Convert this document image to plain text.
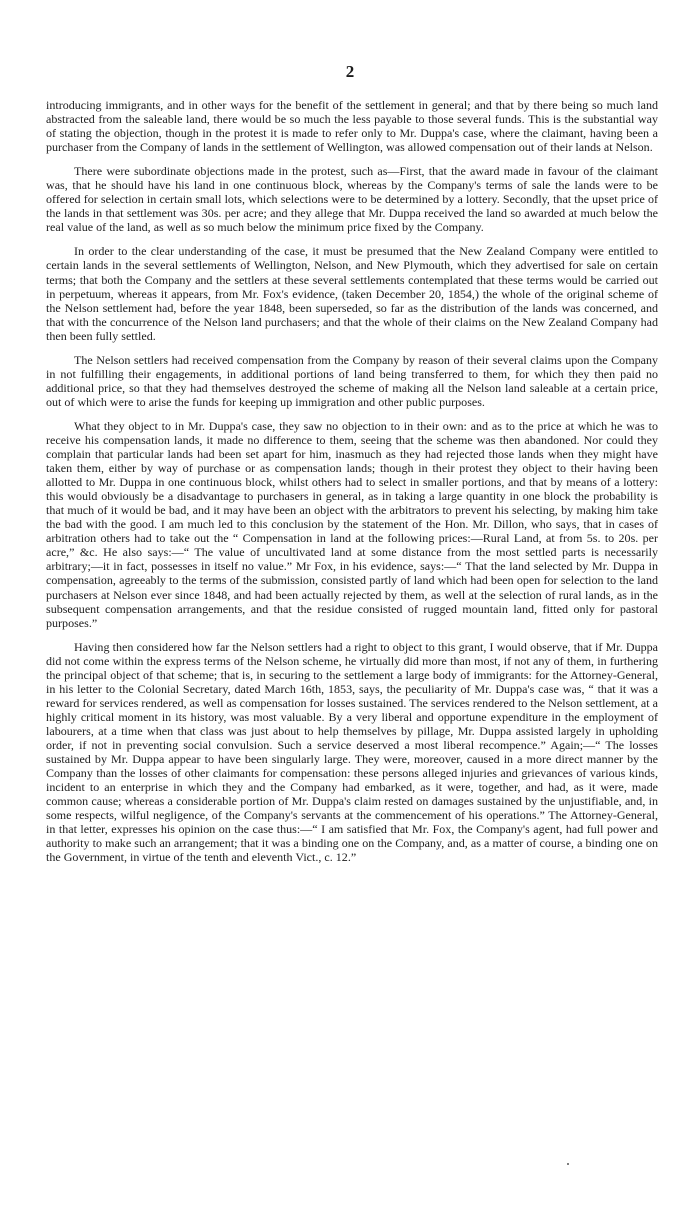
2

introducing immigrants, and in other ways for the benefit of the settlement in general; and that by there being so much land abstracted from the saleable land, there would be so much the less payable to those several funds. This is the substantial way of stating the objection, though in the protest it is made to refer only to Mr. Duppa's case, where the claimant, having been a purchaser from the Company of lands in the settlement of Wellington, was allowed compensation out of their lands at Nelson.

There were subordinate objections made in the protest, such as—First, that the award made in favour of the claimant was, that he should have his land in one continuous block, whereas by the Company's terms of sale the lands were to be offered for selection in certain small lots, which selections were to be determined by a lottery. Secondly, that the upset price of the lands in that settlement was 30s. per acre; and they allege that Mr. Duppa received the land so awarded at much below the real value of the land, as well as so much below the minimum price fixed by the Company.

In order to the clear understanding of the case, it must be presumed that the New Zealand Company were entitled to certain lands in the several settlements of Wellington, Nelson, and New Plymouth, which they advertised for sale on certain terms; that both the Company and the settlers at these several settlements contemplated that these terms would be carried out in perpetuum, whereas it appears, from Mr. Fox's evidence, (taken December 20, 1854,) the whole of the original scheme of the Nelson settlement had, before the year 1848, been superseded, so far as the distribution of the lands was concerned, and that with the concurrence of the Nelson land purchasers; and that the whole of their claims on the New Zealand Company had then been fully settled.

The Nelson settlers had received compensation from the Company by reason of their several claims upon the Company in not fulfilling their engagements, in additional portions of land being transferred to them, for which they then paid no additional price, so that they had themselves destroyed the scheme of making all the Nelson land saleable at a certain price, out of which were to arise the funds for keeping up immigration and other public purposes.

What they object to in Mr. Duppa's case, they saw no objection to in their own: and as to the price at which he was to receive his compensation lands, it made no difference to them, seeing that the scheme was then abandoned. Nor could they complain that particular lands had been set apart for him, inasmuch as they had rejected those lands when they might have taken them, either by way of purchase or as compensation lands; though in their protest they object to their having been allotted to Mr. Duppa in one continuous block, whilst others had to select in smaller portions, and that by means of a lottery: this would obviously be a disadvantage to purchasers in general, as in taking a large quantity in one block the probability is that much of it would be bad, and it may have been an object with the arbitrators to prevent his selecting, by making him take the bad with the good. I am much led to this conclusion by the statement of the Hon. Mr. Dillon, who says, that in cases of arbitration others had to take out the “ Compensation in land at the following prices:—Rural Land, at from 5s. to 20s. per acre,” &c. He also says:—“ The value of uncultivated land at some distance from the most settled parts is necessarily arbitrary;—it in fact, possesses in itself no value.” Mr Fox, in his evidence, says:—“ That the land selected by Mr. Duppa in compensation, agreeably to the terms of the submission, consisted partly of land which had been open for selection to the land purchasers at Nelson ever since 1848, and had been actually rejected by them, as well at the selection of rural lands, as in the subsequent compensation arrangements, and that the residue consisted of rugged mountain land, fitted only for pastoral purposes.”

Having then considered how far the Nelson settlers had a right to object to this grant, I would observe, that if Mr. Duppa did not come within the express terms of the Nelson scheme, he virtually did more than most, if not any of them, in furthering the principal object of that scheme; that is, in securing to the settlement a large body of immigrants: for the Attorney-General, in his letter to the Colonial Secretary, dated March 16th, 1853, says, the peculiarity of Mr. Duppa's case was, “ that it was a reward for services rendered, as well as compensation for losses sustained. The services rendered to the Nelson settlement, at a highly critical moment in its history, was most valuable. By a very liberal and opportune expenditure in the employment of labourers, at a time when that class was just about to help themselves by pillage, Mr. Duppa assisted largely in upholding order, if not in preventing social convulsion. Such a service deserved a most liberal recompence.” Again;—“ The losses sustained by Mr. Duppa appear to have been singularly large. They were, moreover, caused in a more direct manner by the Company than the losses of other claimants for compensation: these persons alleged injuries and grievances of various kinds, incident to an enterprise in which they and the Company had embarked, as it were, together, and had, as it were, made common cause; whereas a considerable portion of Mr. Duppa's claim rested on damages sustained by the unjustifiable, and, in some respects, wilful negligence, of the Company's servants at the commencement of his operations.” The Attorney-General, in that letter, expresses his opinion on the case thus:—“ I am satisfied that Mr. Fox, the Company's agent, had full power and authority to make such an arrangement; that it was a binding one on the Company, and, as a matter of course, a binding one on the Government, in virtue of the tenth and eleventh Vict., c. 12.”
